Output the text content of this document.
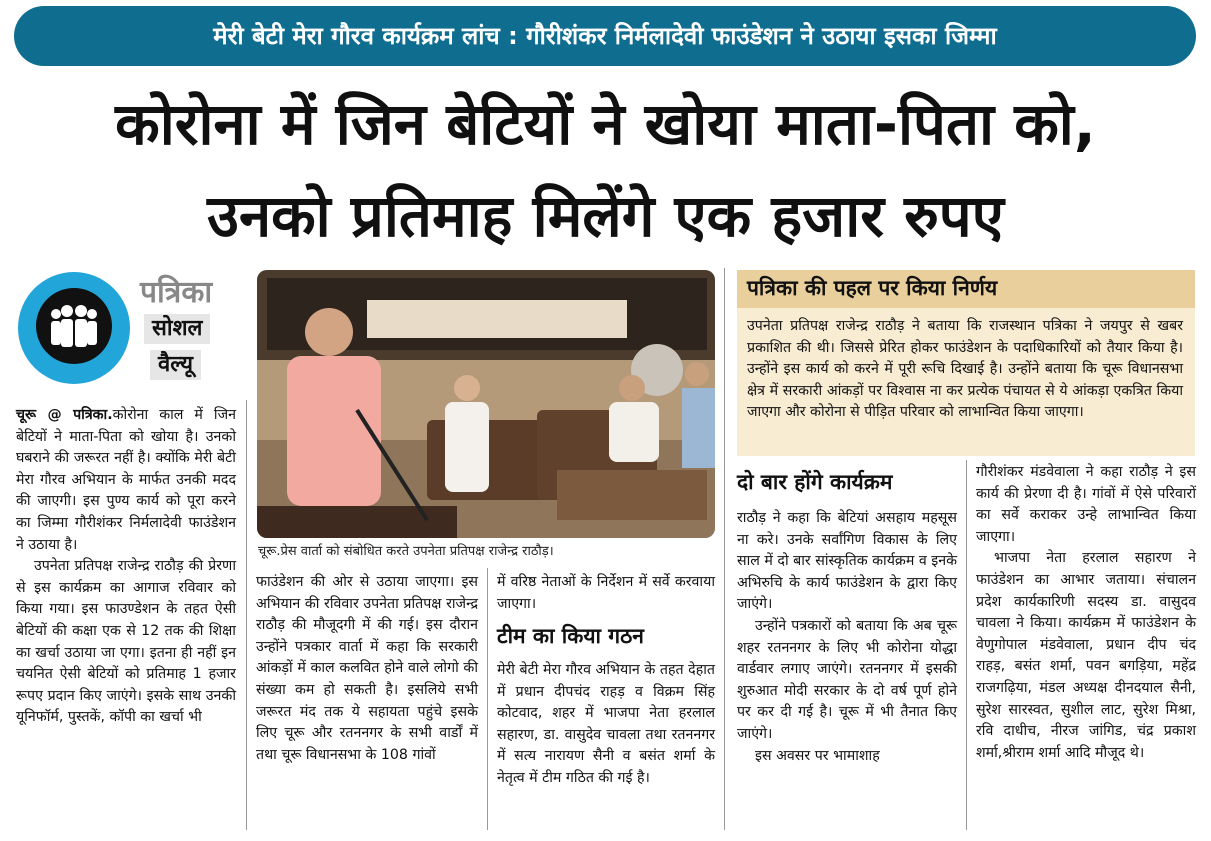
मेरी बेटी मेरा गौरव कार्यक्रम लांच : गौरीशंकर निर्मलादेवी फाउंडेशन ने उठाया इसका जिम्मा
कोरोना में जिन बेटियों ने खोया माता-पिता को,
उनको प्रतिमाह मिलेंगे एक हजार रुपए
पत्रिका
सोशल
वैल्यू

चूरू @ पत्रिका.कोरोना काल में जिन बेटियों ने माता-पिता को खोया है। उनको घबराने की जरूरत नहीं है। क्योंकि मेरी बेटी मेरा गौरव अभियान के मार्फत उनकी मदद की जाएगी। इस पुण्य कार्य को पूरा करने का जिम्मा गौरीशंकर निर्मलादेवी फाउंडेशन ने उठाया है।

उपनेता प्रतिपक्ष राजेन्द्र राठौड़ की प्रेरणा से इस कार्यक्रम का आगाज रविवार को किया गया। इस फाउण्डेशन के तहत ऐसी बेटियों की कक्षा एक से 12 तक की शिक्षा का खर्चा उठाया जा एगा। इतना ही नहीं इन चयनित ऐसी बेटियों को प्रतिमाह 1 हजार रूपए प्रदान किए जाएंगे। इसके साथ उनकी यूनिफॉर्म, पुस्तकें, कॉपी का खर्चा भी

चूरू.प्रेस वार्ता को संबोधित करते उपनेता प्रतिपक्ष राजेन्द्र राठौड़।

फाउंडेशन की ओर से उठाया जाएगा। इस अभियान की रविवार उपनेता प्रतिपक्ष राजेन्द्र राठौड़ की मौजूदगी में की गई। इस दौरान उन्होंने पत्रकार वार्ता में कहा कि सरकारी आंकड़ों में काल कलवित होने वाले लोगो की संख्या कम हो सकती है। इसलिये सभी जरूरत मंद तक ये सहायता पहुंचे इसके लिए चूरू और रतननगर के सभी वार्डों में तथा चूरू विधानसभा के 108 गांवों

में वरिष्ठ नेताओं के निर्देशन में सर्वे करवाया जाएगा।

टीम का किया गठन

मेरी बेटी मेरा गौरव अभियान के तहत देहात में प्रधान दीपचंद राहड़ व विक्रम सिंह कोटवाद, शहर में भाजपा नेता हरलाल सहारण, डा. वासुदेव चावला तथा रतननगर में सत्य नारायण सैनी व बसंत शर्मा के नेतृत्व में टीम गठित की गई है।

पत्रिका की पहल पर किया निर्णय

उपनेता प्रतिपक्ष राजेन्द्र राठौड़ ने बताया कि राजस्थान पत्रिका ने जयपुर से खबर प्रकाशित की थी। जिससे प्रेरित होकर फाउंडेशन के पदाधिकारियों को तैयार किया है। उन्होंने इस कार्य को करने में पूरी रूचि दिखाई है। उन्होंने बताया कि चूरू विधानसभा क्षेत्र में सरकारी आंकड़ों पर विश्वास ना कर प्रत्येक पंचायत से ये आंकड़ा एकत्रित किया जाएगा और कोरोना से पीड़ित परिवार को लाभान्वित किया जाएगा।

दो बार होंगे कार्यक्रम

राठौड़ ने कहा कि बेटियां असहाय महसूस ना करे। उनके सर्वांगिण विकास के लिए साल में दो बार सांस्कृतिक कार्यक्रम व इनके अभिरुचि के कार्य फाउंडेशन के द्वारा किए जाएंगे।

उन्होंने पत्रकारों को बताया कि अब चूरू शहर रतननगर के लिए भी कोरोना योद्धा वार्डवार लगाए जाएंगे। रतननगर में इसकी शुरुआत मोदी सरकार के दो वर्ष पूर्ण होने पर कर दी गई है। चूरू में भी तैनात किए जाएंगे।

इस अवसर पर भामाशाह

गौरीशंकर मंडवेवाला ने कहा राठौड़ ने इस कार्य की प्रेरणा दी है। गांवों में ऐसे परिवारों का सर्वे कराकर उन्हे लाभान्वित किया जाएगा।

भाजपा नेता हरलाल सहारण ने फाउंडेशन का आभार जताया। संचालन प्रदेश कार्यकारिणी सदस्य डा. वासुदव चावला ने किया। कार्यक्रम में फाउंडेशन के वेणुगोपाल मंडवेवाला, प्रधान दीप चंद राहड़, बसंत शर्मा, पवन बगड़िया, महेंद्र राजगढ़िया, मंडल अध्यक्ष दीनदयाल सैनी, सुरेश सारस्वत, सुशील लाट, सुरेश मिश्रा, रवि दाधीच, नीरज जांगिड, चंद्र प्रकाश शर्मा,श्रीराम शर्मा आदि मौजूद थे।
